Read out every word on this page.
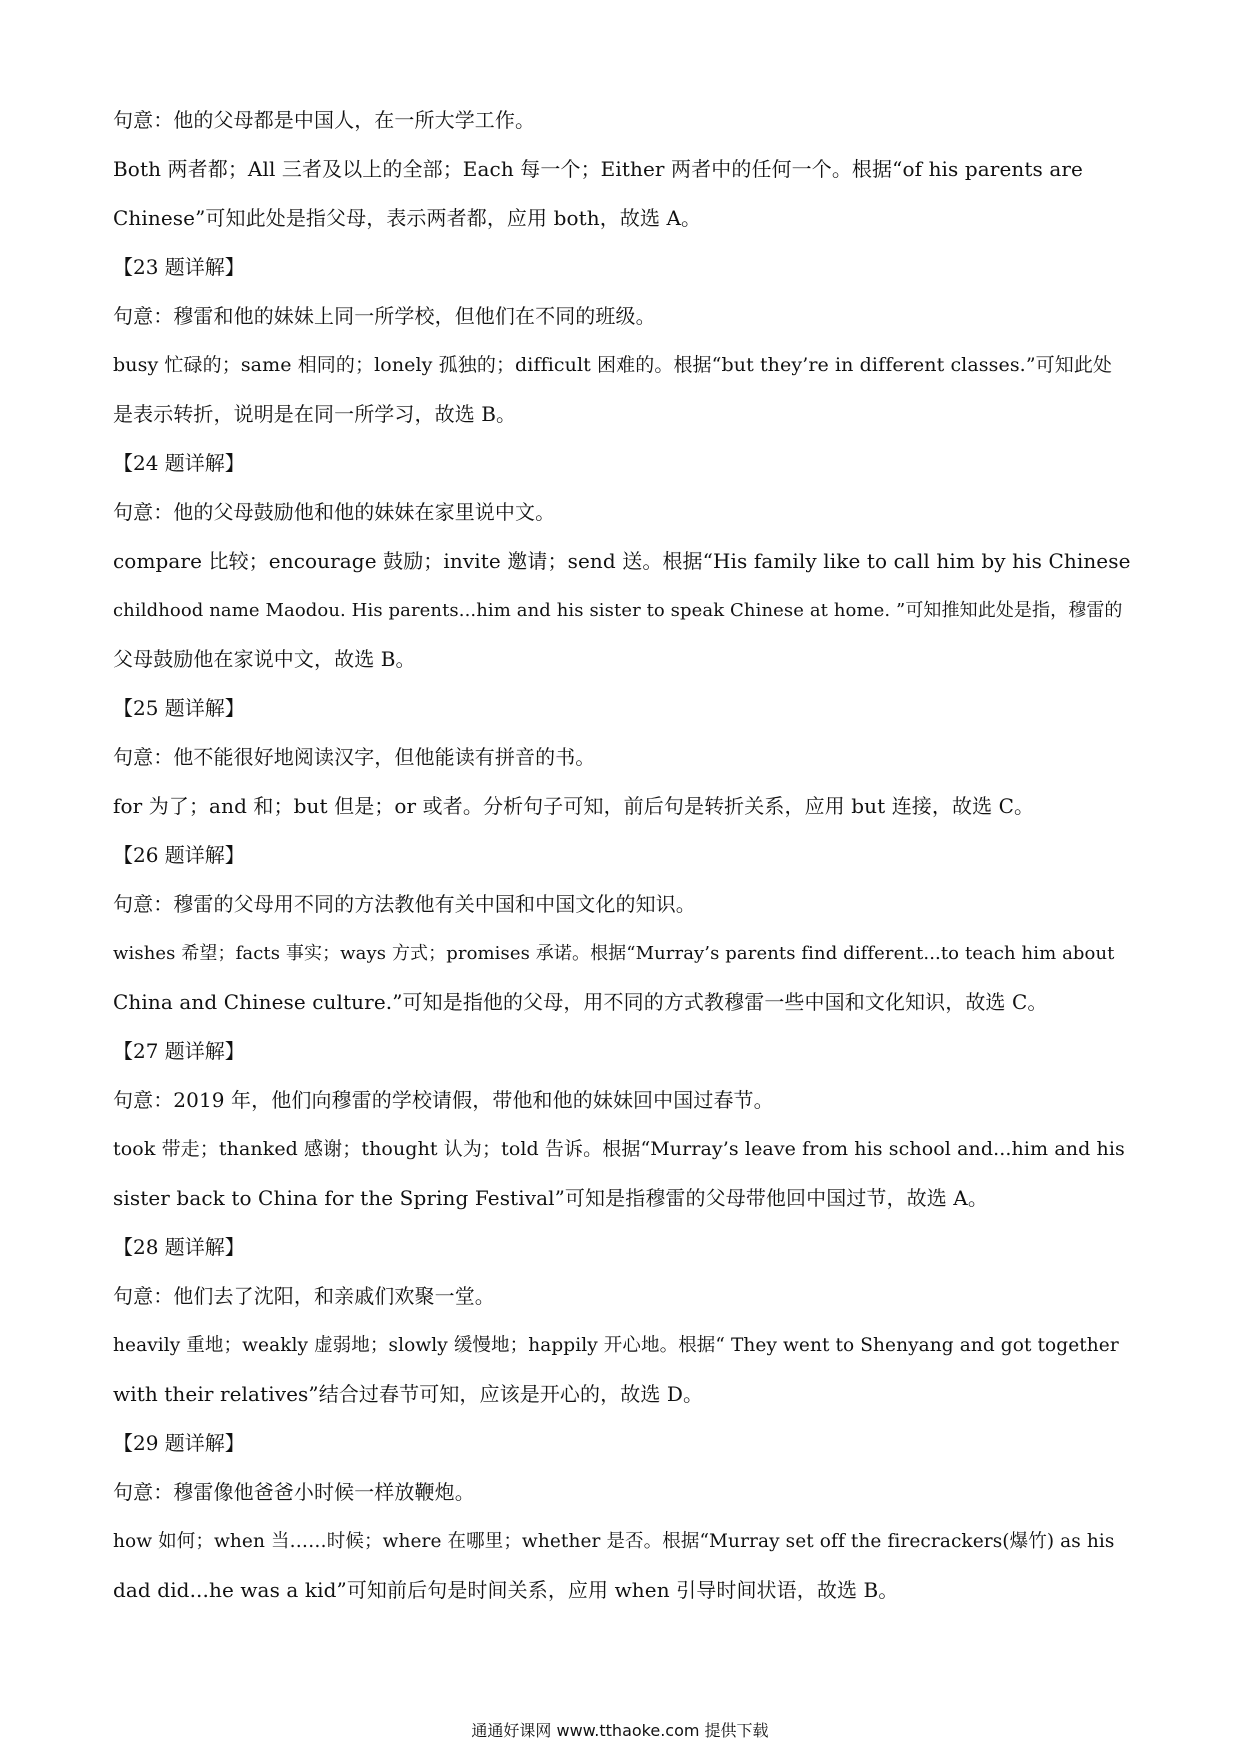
句意：他的父母都是中国人，在一所大学工作。
Both 两者都；All 三者及以上的全部；Each 每一个；Either 两者中的任何一个。根据“of his parents are
Chinese”可知此处是指父母，表示两者都，应用 both，故选 A。
【23 题详解】
句意：穆雷和他的妹妹上同一所学校，但他们在不同的班级。
busy 忙碌的；same 相同的；lonely 孤独的；difficult 困难的。根据“but they’re in different classes.”可知此处
是表示转折，说明是在同一所学习，故选 B。
【24 题详解】
句意：他的父母鼓励他和他的妹妹在家里说中文。
compare 比较；encourage 鼓励；invite 邀请；send 送。根据“His family like to call him by his Chinese
childhood name Maodou. His parents...him and his sister to speak Chinese at home. ”可知推知此处是指，穆雷的
父母鼓励他在家说中文，故选 B。
【25 题详解】
句意：他不能很好地阅读汉字，但他能读有拼音的书。
for 为了；and 和；but 但是；or 或者。分析句子可知，前后句是转折关系，应用 but 连接，故选 C。
【26 题详解】
句意：穆雷的父母用不同的方法教他有关中国和中国文化的知识。
wishes 希望；facts 事实；ways 方式；promises 承诺。根据“Murray’s parents find different...to teach him about
China and Chinese culture.”可知是指他的父母，用不同的方式教穆雷一些中国和文化知识，故选 C。
【27 题详解】
句意：2019 年，他们向穆雷的学校请假，带他和他的妹妹回中国过春节。
took 带走；thanked 感谢；thought 认为；told 告诉。根据“Murray’s leave from his school and...him and his
sister back to China for the Spring Festival”可知是指穆雷的父母带他回中国过节，故选 A。
【28 题详解】
句意：他们去了沈阳，和亲戚们欢聚一堂。
heavily 重地；weakly 虚弱地；slowly 缓慢地；happily 开心地。根据“ They went to Shenyang and got together
with their relatives”结合过春节可知，应该是开心的，故选 D。
【29 题详解】
句意：穆雷像他爸爸小时候一样放鞭炮。
how 如何；when 当……时候；where 在哪里；whether 是否。根据“Murray set off the firecrackers(爆竹) as his
dad did...he was a kid”可知前后句是时间关系，应用 when 引导时间状语，故选 B。
通通好课网 www.tthaoke.com 提供下载
